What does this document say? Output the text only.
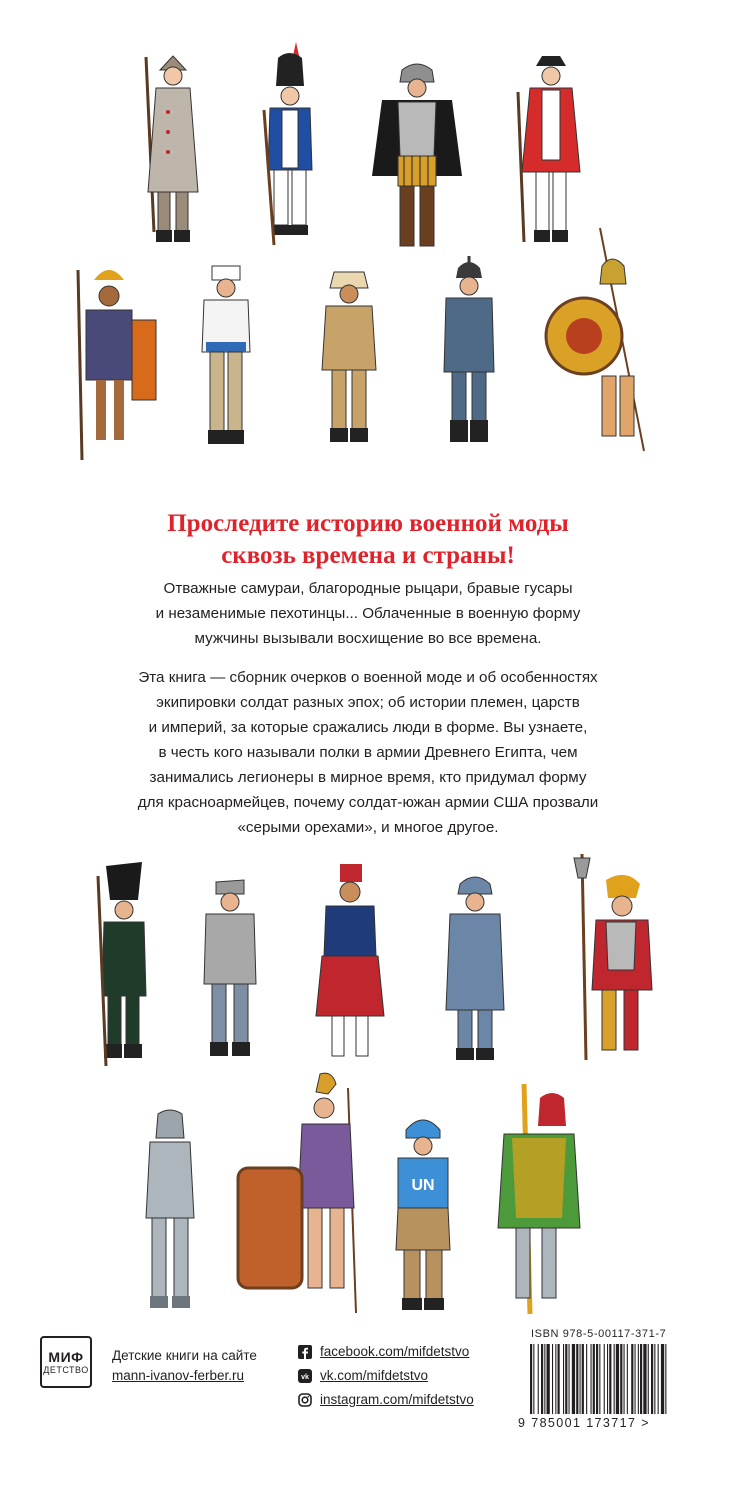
Проследите историю военной моды
сквозь времена и страны!
Отважные самураи, благородные рыцари, бравые гусары
и незаменимые пехотинцы... Облаченные в военную форму
мужчины вызывали восхищение во все времена.
Эта книга — сборник очерков о военной моде и об особенностях
экипировки солдат разных эпох; об истории племен, царств
и империй, за которые сражались люди в форме. Вы узнаете,
в честь кого называли полки в армии Древнего Египта, чем
занимались легионеры в мирное время, кто придумал форму
для красноармейцев, почему солдат-южан армии США прозвали
«серыми орехами», и многое другое.
UN
МИФ
ДЕТСТВО
Детские книги на сайте
mann-ivanov-ferber.ru
facebook.com/mifdetstvo
vk vk.com/mifdetstvo
instagram.com/mifdetstvo
ISBN 978-5-00117-371-7
9 785001 173717 >
